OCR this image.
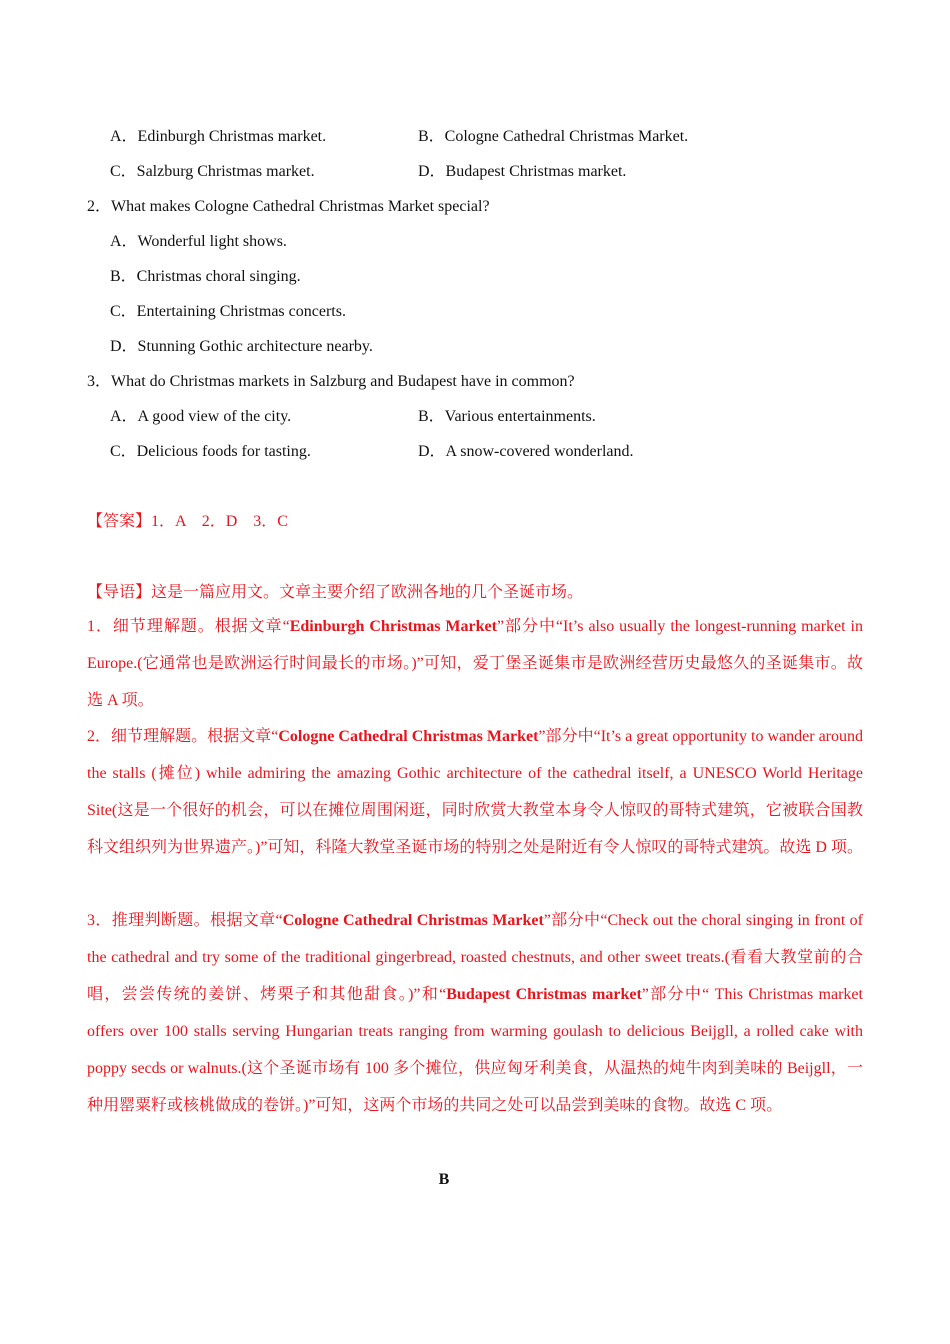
A．Edinburgh Christmas market.	B．Cologne Cathedral Christmas Market.
C．Salzburg Christmas market.	D．Budapest Christmas market.
2．What makes Cologne Cathedral Christmas Market special?
A．Wonderful light shows.
B．Christmas choral singing.
C．Entertaining Christmas concerts.
D．Stunning Gothic architecture nearby.
3．What do Christmas markets in Salzburg and Budapest have in common?
A．A good view of the city.	B．Various entertainments.
C．Delicious foods for tasting.	D．A snow-covered wonderland.
【答案】1．A　2．D　3．C
【导语】这是一篇应用文。文章主要介绍了欧洲各地的几个圣诞市场。
1．细节理解题。根据文章“Edinburgh Christmas Market”部分中“It’s also usually the longest-running market in Europe.(它通常也是欧洲运行时间最长的市场。)”可知，爱丁堡圣诞集市是欧洲经营历史最悠久的圣诞集市。故选 A 项。
2．细节理解题。根据文章“Cologne Cathedral Christmas Market”部分中“It’s a great opportunity to wander around the stalls (摊位) while admiring the amazing Gothic architecture of the cathedral itself, a UNESCO World Heritage Site(这是一个很好的机会，可以在摊位周围闲逛，同时欣赏大教堂本身令人惊叹的哥特式建筑，它被联合国教科文组织列为世界遗产。)”可知，科隆大教堂圣诞市场的特别之处是附近有令人惊叹的哥特式建筑。故选 D 项。
3．推理判断题。根据文章“Cologne Cathedral Christmas Market”部分中“Check out the choral singing in front of the cathedral and try some of the traditional gingerbread, roasted chestnuts, and other sweet treats.(看看大教堂前的合唱，尝尝传统的姜饼、烤栗子和其他甜食。)”和“Budapest Christmas market”部分中“ This Christmas market offers over 100 stalls serving Hungarian treats ranging from warming goulash to delicious Beijgll, a rolled cake with poppy secds or walnuts.(这个圣诞市场有 100 多个摊位，供应匈牙利美食，从温热的炖牛肉到美味的 Beijgll，一种用罂粟籽或核桃做成的卷饼。)”可知，这两个市场的共同之处可以品尝到美味的食物。故选 C 项。
B
